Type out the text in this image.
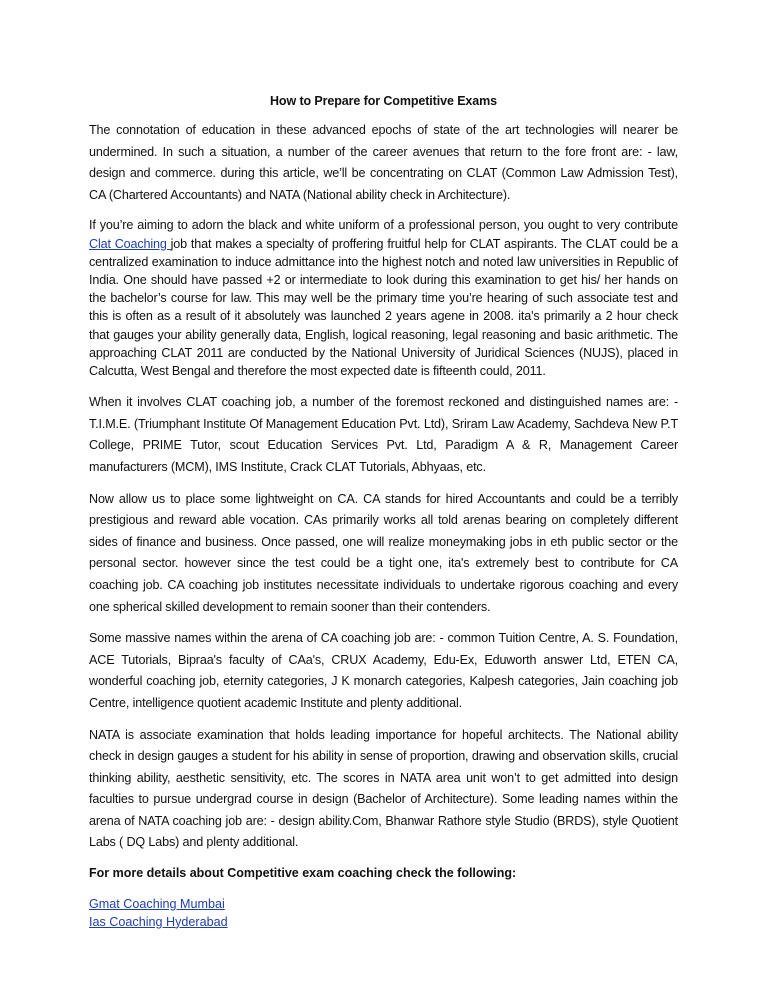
How to Prepare for Competitive Exams

The connotation of education in these advanced epochs of state of the art technologies will nearer be undermined. In such a situation, a number of the career avenues that return to the fore front are: - law, design and commerce. during this article, we’ll be concentrating on CLAT (Common Law Admission Test), CA (Chartered Accountants) and NATA (National ability check in Architecture).

If you’re aiming to adorn the black and white uniform of a professional person, you ought to very contribute Clat Coaching job that makes a specialty of proffering fruitful help for CLAT aspirants. The CLAT could be a centralized examination to induce admittance into the highest notch and noted law universities in Republic of India. One should have passed +2 or intermediate to look during this examination to get his/ her hands on the bachelor’s course for law. This may well be the primary time you’re hearing of such associate test and this is often as a result of it absolutely was launched 2 years agene in 2008. ita's primarily a 2 hour check that gauges your ability generally data, English, logical reasoning, legal reasoning and basic arithmetic. The approaching CLAT 2011 are conducted by the National University of Juridical Sciences (NUJS), placed in Calcutta, West Bengal and therefore the most expected date is fifteenth could, 2011.

When it involves CLAT coaching job, a number of the foremost reckoned and distinguished names are: - T.I.M.E. (Triumphant Institute Of Management Education Pvt. Ltd), Sriram Law Academy, Sachdeva New P.T College, PRIME Tutor, scout Education Services Pvt. Ltd, Paradigm A & R, Management Career manufacturers (MCM), IMS Institute, Crack CLAT Tutorials, Abhyaas, etc.

Now allow us to place some lightweight on CA. CA stands for hired Accountants and could be a terribly prestigious and reward able vocation. CAs primarily works all told arenas bearing on completely different sides of finance and business. Once passed, one will realize moneymaking jobs in eth public sector or the personal sector. however since the test could be a tight one, ita's extremely best to contribute for CA coaching job. CA coaching job institutes necessitate individuals to undertake rigorous coaching and every one spherical skilled development to remain sooner than their contenders.

Some massive names within the arena of CA coaching job are: - common Tuition Centre, A. S. Foundation, ACE Tutorials, Bipraa's faculty of CAa's, CRUX Academy, Edu-Ex, Eduworth answer Ltd, ETEN CA, wonderful coaching job, eternity categories, J K monarch categories, Kalpesh categories, Jain coaching job Centre, intelligence quotient academic Institute and plenty additional.

NATA is associate examination that holds leading importance for hopeful architects. The National ability check in design gauges a student for his ability in sense of proportion, drawing and observation skills, crucial thinking ability, aesthetic sensitivity, etc. The scores in NATA area unit won’t to get admitted into design faculties to pursue undergrad course in design (Bachelor of Architecture). Some leading names within the arena of NATA coaching job are: - design ability.Com, Bhanwar Rathore style Studio (BRDS), style Quotient Labs ( DQ Labs) and plenty additional.

For more details about Competitive exam coaching check the following:
Gmat Coaching Mumbai
Ias Coaching Hyderabad
